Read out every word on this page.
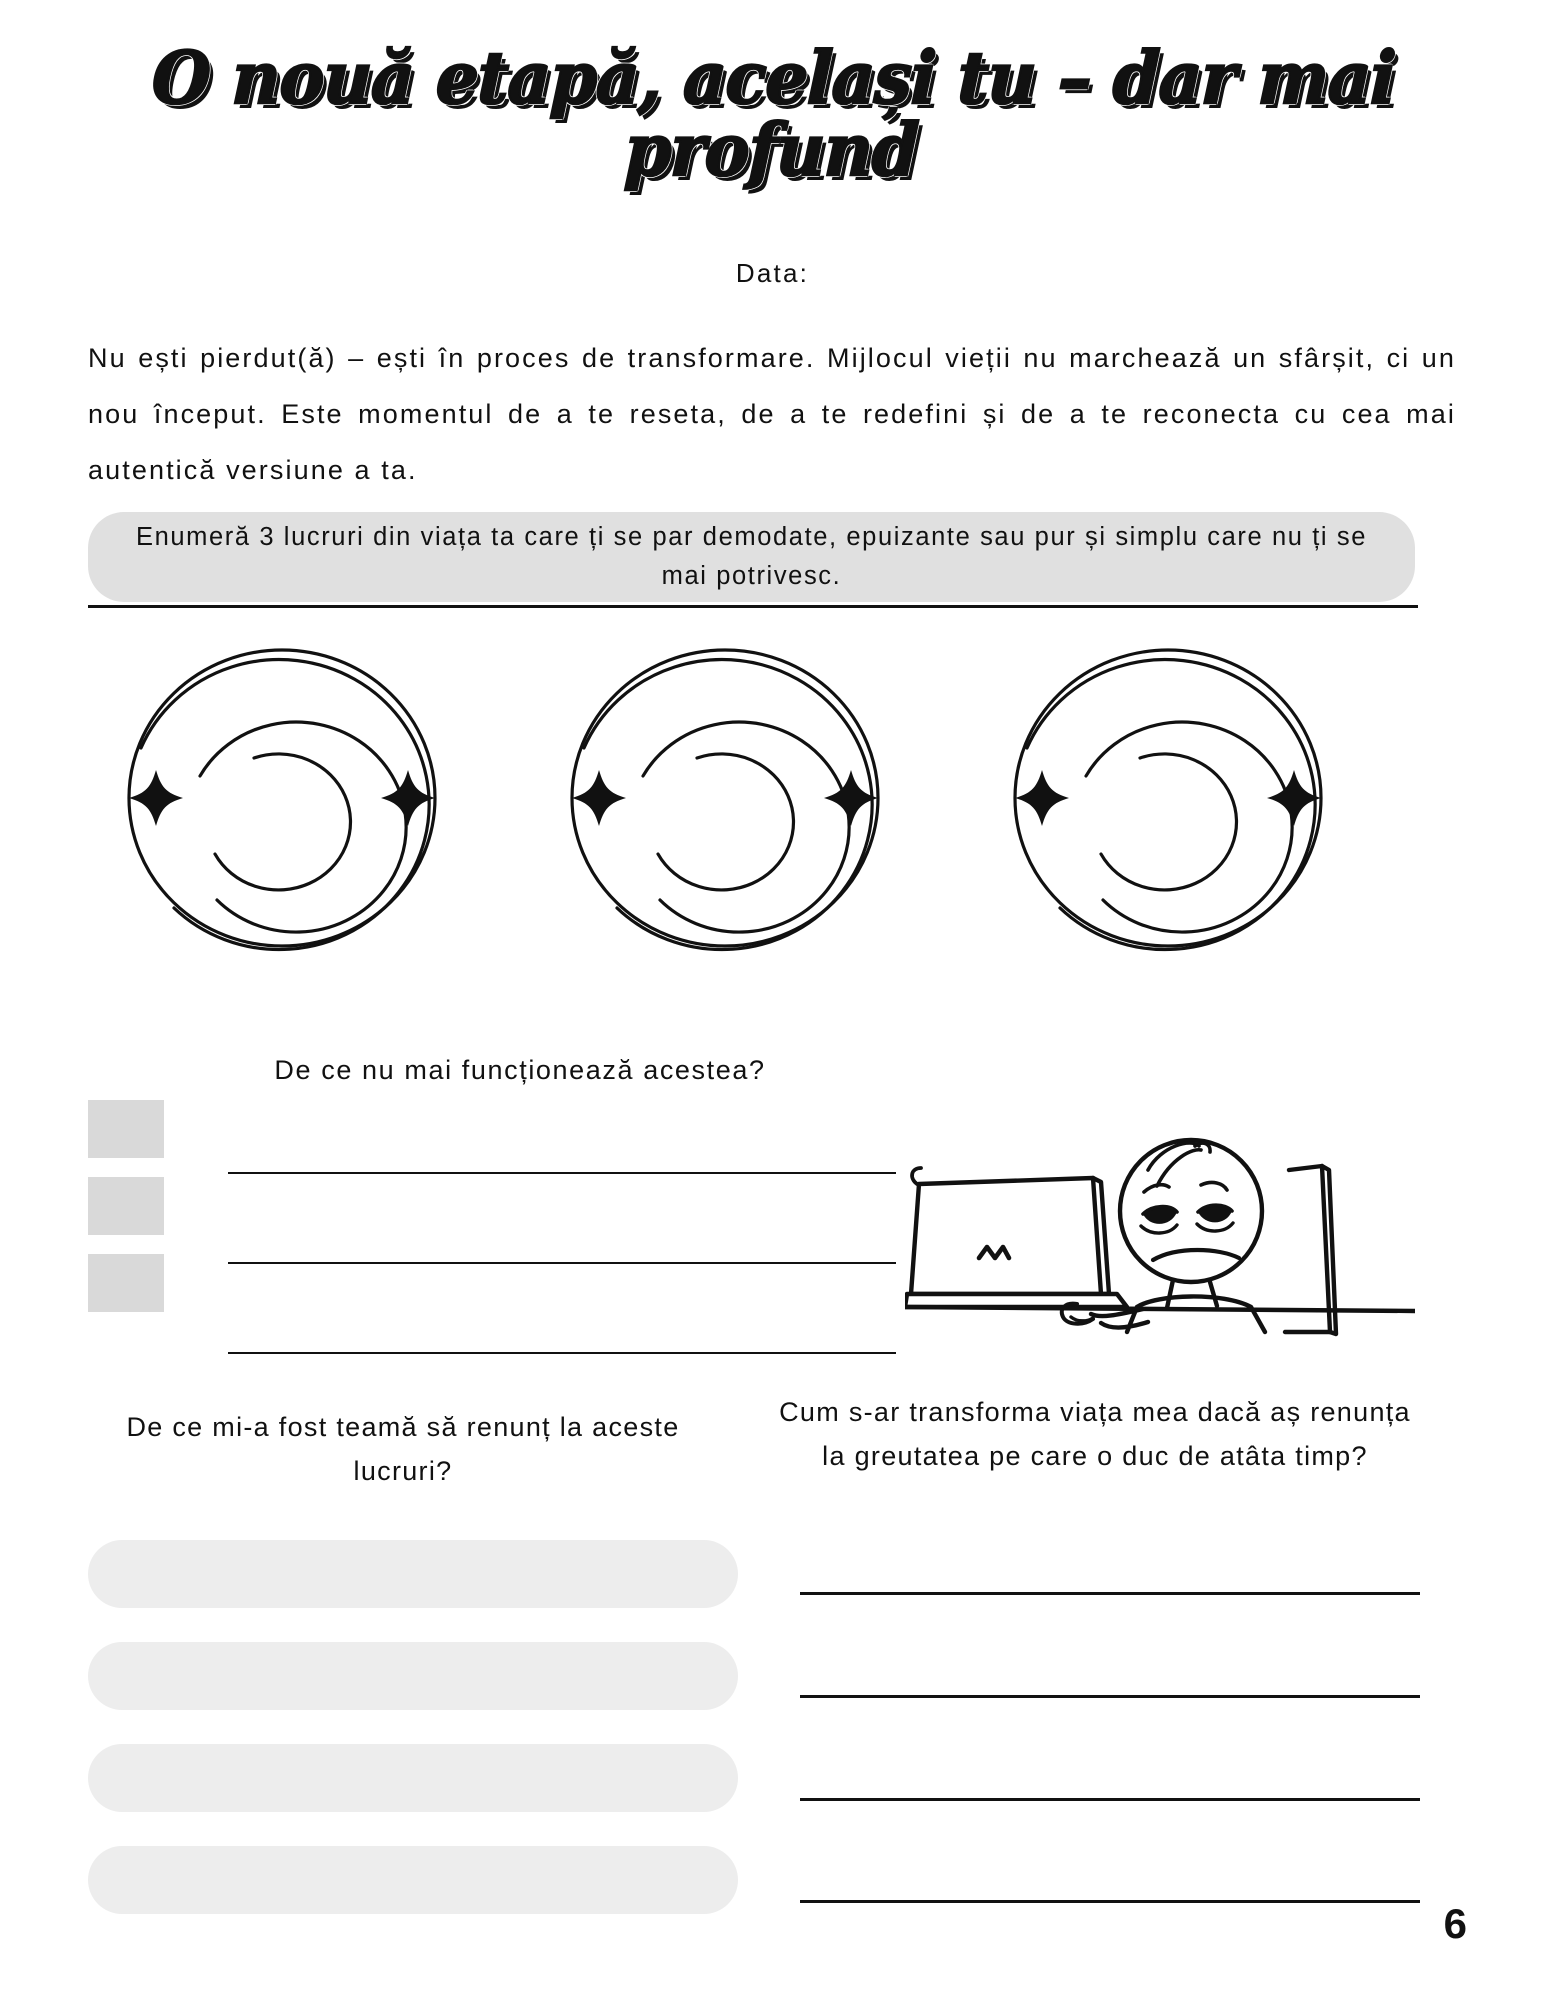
O nouă etapă, același tu – dar mai profund
Data:
Nu ești pierdut(ă) – ești în proces de transformare. Mijlocul vieții nu marchează un sfârșit, ci un nou început. Este momentul de a te reseta, de a te redefini și de a te reconecta cu cea mai autentică versiune a ta.
Enumeră 3 lucruri din viața ta care ți se par demodate, epuizante sau pur și simplu care nu ți se mai potrivesc.
De ce nu mai funcționează acestea?
De ce mi-a fost teamă să renunț la aceste lucruri?
Cum s-ar transforma viața mea dacă aș renunța la greutatea pe care o duc de atâta timp?
6
